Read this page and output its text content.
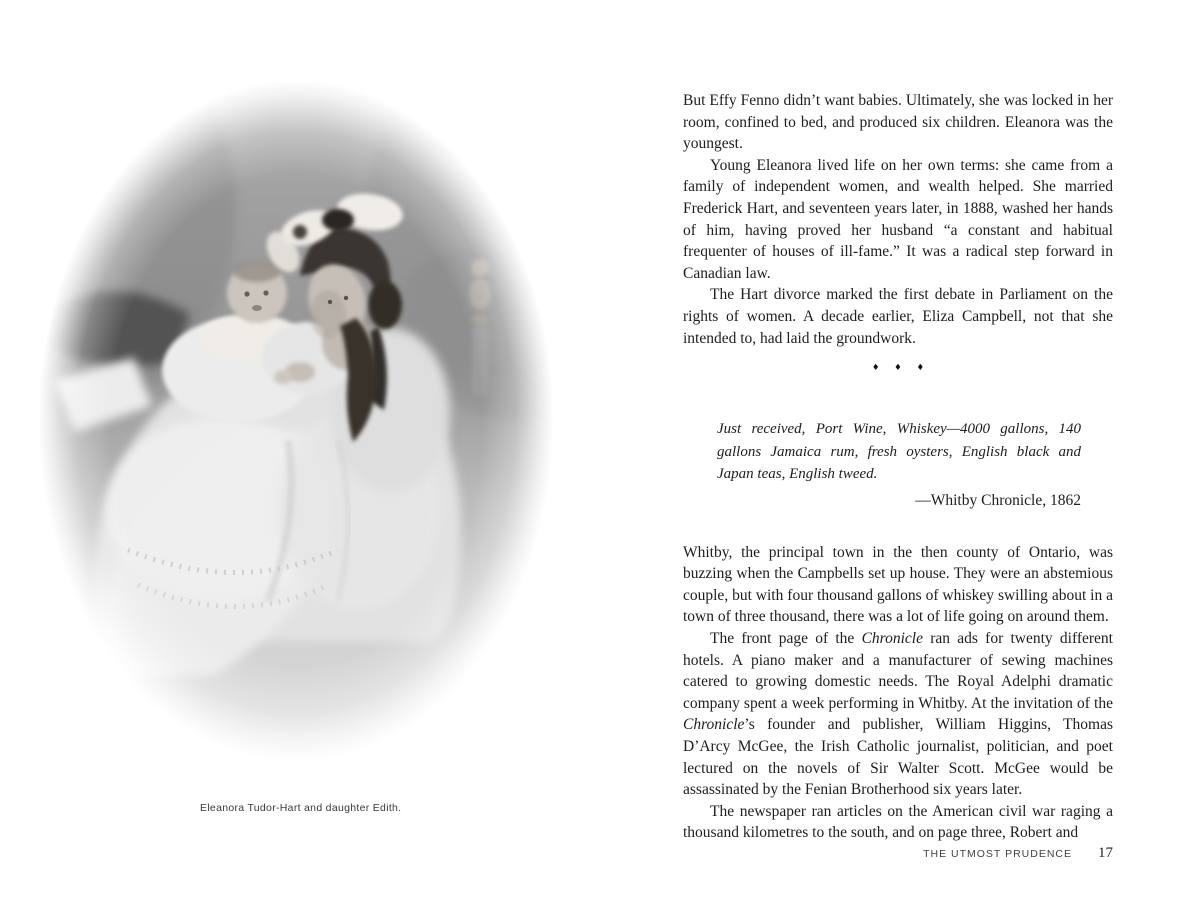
Eleanora Tudor-Hart and daughter Edith.

But Effy Fenno didn’t want babies. Ultimately, she was locked in her room, confined to bed, and produced six children. Eleanora was the youngest.

Young Eleanora lived life on her own terms: she came from a family of independent women, and wealth helped. She married Frederick Hart, and seventeen years later, in 1888, washed her hands of him, having proved her husband “a constant and habitual frequenter of houses of ill-fame.” It was a radical step forward in Canadian law.

The Hart divorce marked the first debate in Parliament on the rights of women. A decade earlier, Eliza Campbell, not that she intended to, had laid the groundwork.

♦ ♦ ♦
Just received, Port Wine, Whiskey—4000 gallons, 140 gallons Jamaica rum, fresh oysters, English black and Japan teas, English tweed.
—Whitby Chronicle, 1862

Whitby, the principal town in the then county of Ontario, was buzzing when the Campbells set up house. They were an abstemious couple, but with four thousand gallons of whiskey swilling about in a town of three thousand, there was a lot of life going on around them.

The front page of the Chronicle ran ads for twenty different hotels. A piano maker and a manufacturer of sewing machines catered to growing domestic needs. The Royal Adelphi dramatic company spent a week performing in Whitby. At the invitation of the Chronicle’s founder and publisher, William Higgins, Thomas D’Arcy McGee, the Irish Catholic journalist, politician, and poet lectured on the novels of Sir Walter Scott. McGee would be assassinated by the Fenian Brotherhood six years later.

The newspaper ran articles on the American civil war raging a thousand kilometres to the south, and on page three, Robert and

THE UTMOST PRUDENCE 17
